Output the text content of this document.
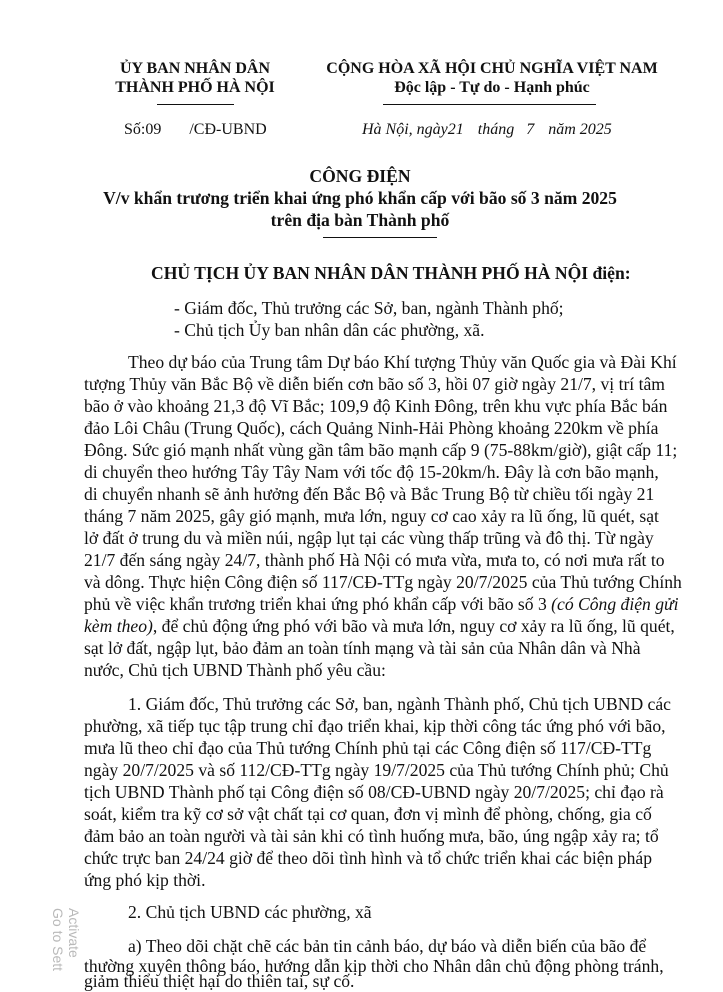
ỦY BAN NHÂN DÂN
THÀNH PHỐ HÀ NỘI
CỘNG HÒA XÃ HỘI CHỦ NGHĨA VIỆT NAM
Độc lập - Tự do - Hạnh phúc
Số:09 /CĐ-UBND	Hà Nội, ngày21 tháng 7 năm 2025
CÔNG ĐIỆN
V/v khẩn trương triển khai ứng phó khẩn cấp với bão số 3 năm 2025
trên địa bàn Thành phố
CHỦ TỊCH ỦY BAN NHÂN DÂN THÀNH PHỐ HÀ NỘI điện:
- Giám đốc, Thủ trưởng các Sở, ban, ngành Thành phố;
- Chủ tịch Ủy ban nhân dân các phường, xã.
Theo dự báo của Trung tâm Dự báo Khí tượng Thủy văn Quốc gia và Đài Khí
tượng Thủy văn Bắc Bộ về diễn biến cơn bão số 3, hồi 07 giờ ngày 21/7, vị trí tâm
bão ở vào khoảng 21,3 độ Vĩ Bắc; 109,9 độ Kinh Đông, trên khu vực phía Bắc bán
đảo Lôi Châu (Trung Quốc), cách Quảng Ninh-Hải Phòng khoảng 220km về phía
Đông. Sức gió mạnh nhất vùng gần tâm bão mạnh cấp 9 (75-88km/giờ), giật cấp 11;
di chuyển theo hướng Tây Tây Nam với tốc độ 15-20km/h. Đây là cơn bão mạnh,
di chuyển nhanh sẽ ảnh hưởng đến Bắc Bộ và Bắc Trung Bộ từ chiều tối ngày 21
tháng 7 năm 2025, gây gió mạnh, mưa lớn, nguy cơ cao xảy ra lũ ống, lũ quét, sạt
lở đất ở trung du và miền núi, ngập lụt tại các vùng thấp trũng và đô thị. Từ ngày
21/7 đến sáng ngày 24/7, thành phố Hà Nội có mưa vừa, mưa to, có nơi mưa rất to
và dông. Thực hiện Công điện số 117/CĐ-TTg ngày 20/7/2025 của Thủ tướng Chính
phủ về việc khẩn trương triển khai ứng phó khẩn cấp với bão số 3 (có Công điện gửi
kèm theo), để chủ động ứng phó với bão và mưa lớn, nguy cơ xảy ra lũ ống, lũ quét,
sạt lở đất, ngập lụt, bảo đảm an toàn tính mạng và tài sản của Nhân dân và Nhà
nước, Chủ tịch UBND Thành phố yêu cầu:
1. Giám đốc, Thủ trưởng các Sở, ban, ngành Thành phố, Chủ tịch UBND các
phường, xã tiếp tục tập trung chỉ đạo triển khai, kịp thời công tác ứng phó với bão,
mưa lũ theo chỉ đạo của Thủ tướng Chính phủ tại các Công điện số 117/CĐ-TTg
ngày 20/7/2025 và số 112/CĐ-TTg ngày 19/7/2025 của Thủ tướng Chính phủ; Chủ
tịch UBND Thành phố tại Công điện số 08/CĐ-UBND ngày 20/7/2025; chỉ đạo rà
soát, kiểm tra kỹ cơ sở vật chất tại cơ quan, đơn vị mình để phòng, chống, gia cố
đảm bảo an toàn người và tài sản khi có tình huống mưa, bão, úng ngập xảy ra; tổ
chức trực ban 24/24 giờ để theo dõi tình hình và tổ chức triển khai các biện pháp
ứng phó kịp thời.
2. Chủ tịch UBND các phường, xã
a) Theo dõi chặt chẽ các bản tin cảnh báo, dự báo và diễn biến của bão để
thường xuyên thông báo, hướng dẫn kịp thời cho Nhân dân chủ động phòng tránh,
Activate
Go to Sett
giảm thiểu thiệt hại do thiên tai, sự cố.
